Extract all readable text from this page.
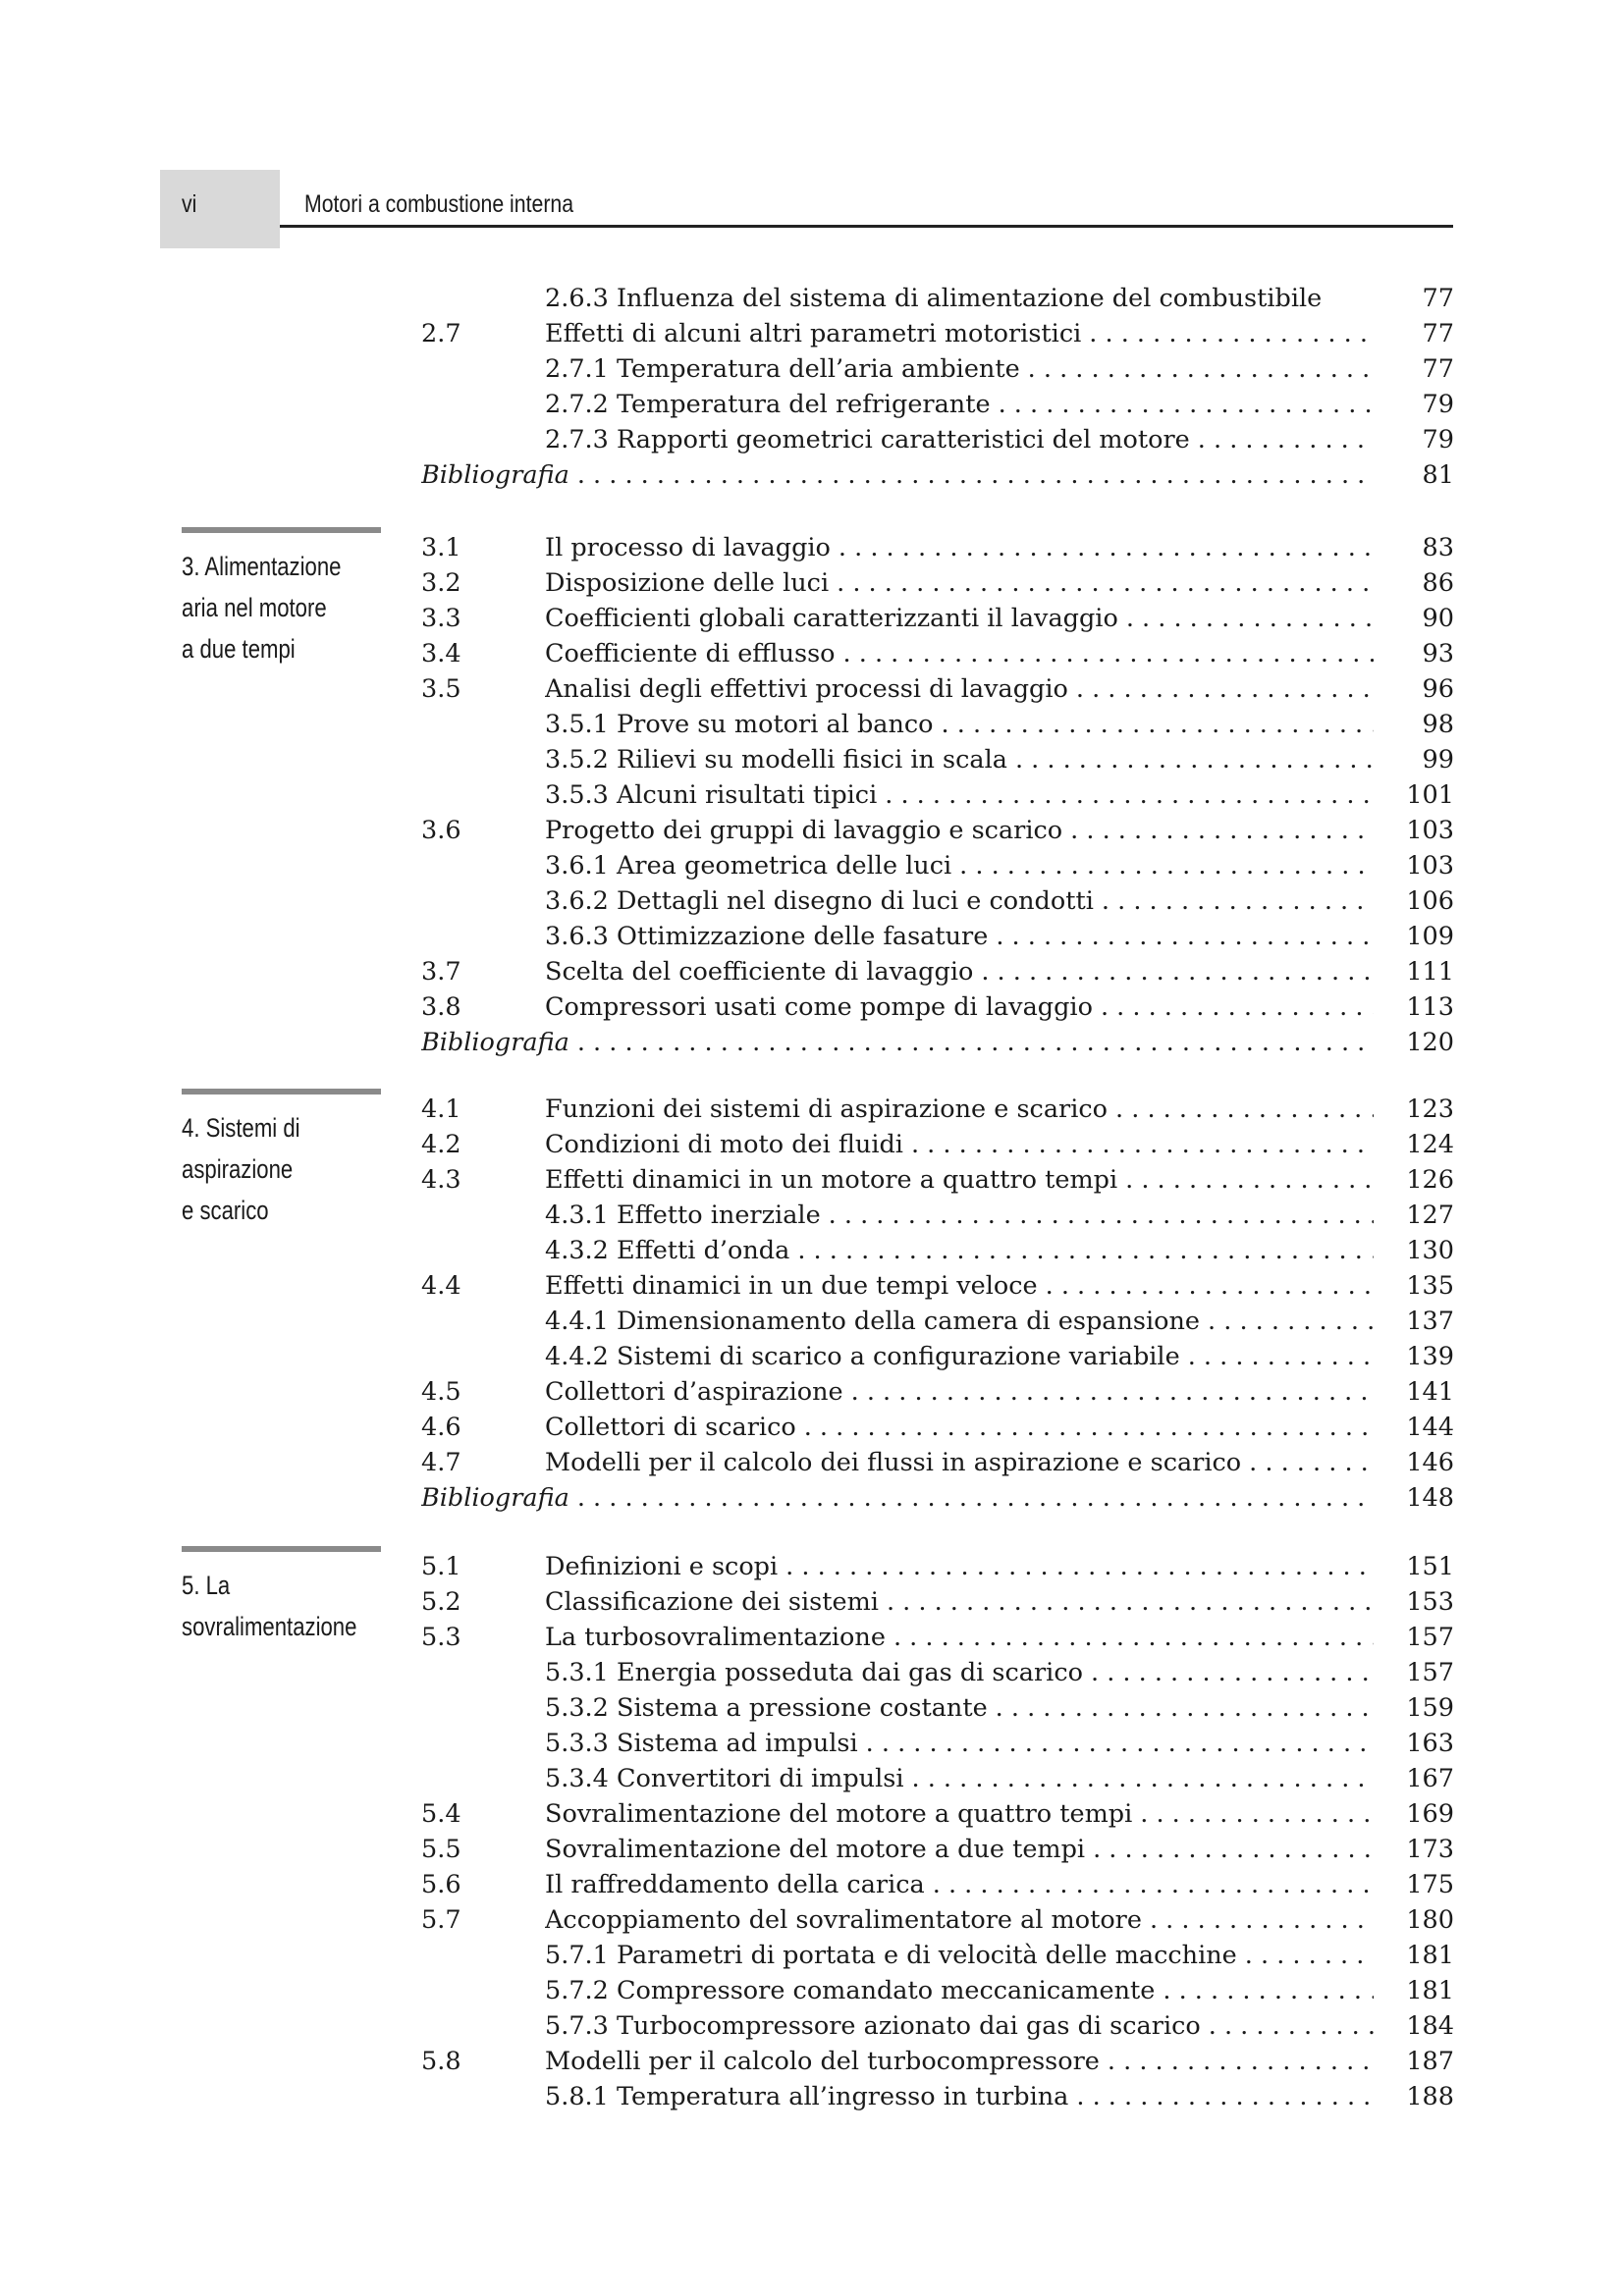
vi	Motori a combustione interna
2.6.3 Influenza del sistema di alimentazione del combustibile	77
2.7	Effetti di alcuni altri parametri motoristici . . .	77
2.7.1 Temperatura dell’aria ambiente . . .	77
2.7.2 Temperatura del refrigerante . . .	79
2.7.3 Rapporti geometrici caratteristici del motore . . .	79
Bibliografia . . .	81
3.1	Il processo di lavaggio . . .	83
3.2	Disposizione delle luci . . .	86
3.3	Coefficienti globali caratterizzanti il lavaggio . . .	90
3.4	Coefficiente di efflusso . . .	93
3.5	Analisi degli effettivi processi di lavaggio . . .	96
3.5.1 Prove su motori al banco . . .	98
3.5.2 Rilievi su modelli fisici in scala . . .	99
3.5.3 Alcuni risultati tipici . . .	101
3.6	Progetto dei gruppi di lavaggio e scarico . . .	103
3.6.1 Area geometrica delle luci . . .	103
3.6.2 Dettagli nel disegno di luci e condotti . . .	106
3.6.3 Ottimizzazione delle fasature . . .	109
3.7	Scelta del coefficiente di lavaggio . . .	111
3.8	Compressori usati come pompe di lavaggio . . .	113
Bibliografia . . .	120
4.1	Funzioni dei sistemi di aspirazione e scarico . . .	123
4.2	Condizioni di moto dei fluidi . . .	124
4.3	Effetti dinamici in un motore a quattro tempi . . .	126
4.3.1 Effetto inerziale . . .	127
4.3.2 Effetti d’onda . . .	130
4.4	Effetti dinamici in un due tempi veloce . . .	135
4.4.1 Dimensionamento della camera di espansione . . .	137
4.4.2 Sistemi di scarico a configurazione variabile . . .	139
4.5	Collettori d’aspirazione . . .	141
4.6	Collettori di scarico . . .	144
4.7	Modelli per il calcolo dei flussi in aspirazione e scarico . . .	146
Bibliografia . . .	148
5.1	Definizioni e scopi . . .	151
5.2	Classificazione dei sistemi . . .	153
5.3	La turbosovralimentazione . . .	157
5.3.1 Energia posseduta dai gas di scarico . . .	157
5.3.2 Sistema a pressione costante . . .	159
5.3.3 Sistema ad impulsi . . .	163
5.3.4 Convertitori di impulsi . . .	167
5.4	Sovralimentazione del motore a quattro tempi . . .	169
5.5	Sovralimentazione del motore a due tempi . . .	173
5.6	Il raffreddamento della carica . . .	175
5.7	Accoppiamento del sovralimentatore al motore . . .	180
5.7.1 Parametri di portata e di velocità delle macchine . . .	181
5.7.2 Compressore comandato meccanicamente . . .	181
5.7.3 Turbocompressore azionato dai gas di scarico . . .	184
5.8	Modelli per il calcolo del turbocompressore . . .	187
5.8.1 Temperatura all’ingresso in turbina . . .	188
3. Alimentazione
aria nel motore
a due tempi
4. Sistemi di
aspirazione
e scarico
5. La
sovralimentazione
